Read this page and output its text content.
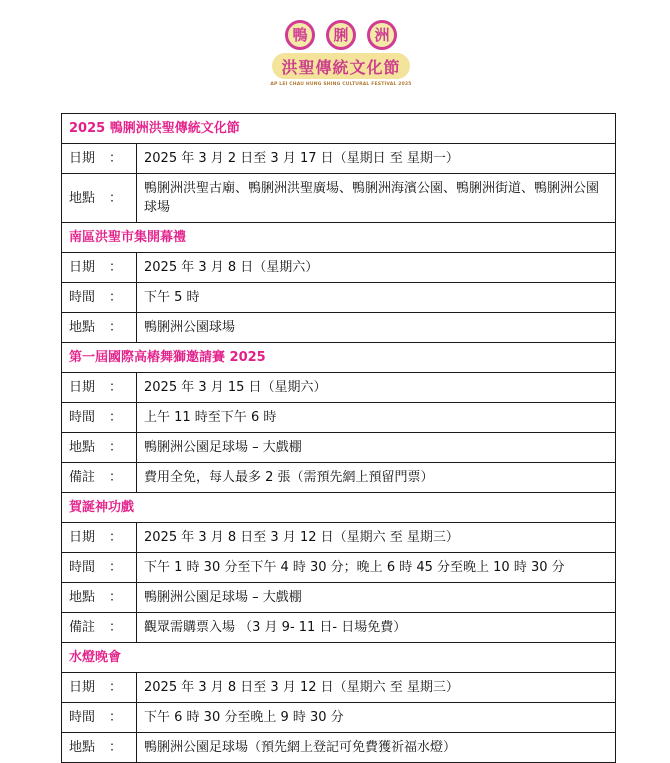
鴨	脷	洲
洪聖傳統文化節
AP LEI CHAU HUNG SHING CULTURAL FESTIVAL 2025
2025 鴨脷洲洪聖傳統文化節	
日期 ：	2025 年 3 月 2 日至 3 月 17 日（星期日 至 星期一）
地點 ：	鴨脷洲洪聖古廟、鴨脷洲洪聖廣場、鴨脷洲海濱公園、鴨脷洲街道、鴨脷洲公園球場
南區洪聖市集開幕禮	
日期 ：	2025 年 3 月 8 日（星期六）
時間 ：	下午 5 時
地點 ：	鴨脷洲公園球場
第一屆國際高樁舞獅邀請賽 2025	
日期 ：	2025 年 3 月 15 日（星期六）
時間 ：	上午 11 時至下午 6 時
地點 ：	鴨脷洲公園足球場 – 大戲棚
備註 ：	費用全免，每人最多 2 張（需預先網上預留門票）
賀誕神功戲	
日期 ：	2025 年 3 月 8 日至 3 月 12 日（星期六 至 星期三）
時間 ：	下午 1 時 30 分至下午 4 時 30 分；晚上 6 時 45 分至晚上 10 時 30 分
地點 ：	鴨脷洲公園足球場 – 大戲棚
備註 ：	觀眾需購票入場 （3 月 9- 11 日- 日場免費）
水燈晚會	
日期 ：	2025 年 3 月 8 日至 3 月 12 日（星期六 至 星期三）
時間 ：	下午 6 時 30 分至晚上 9 時 30 分
地點 ：	鴨脷洲公園足球場（預先網上登記可免費獲祈福水燈）
